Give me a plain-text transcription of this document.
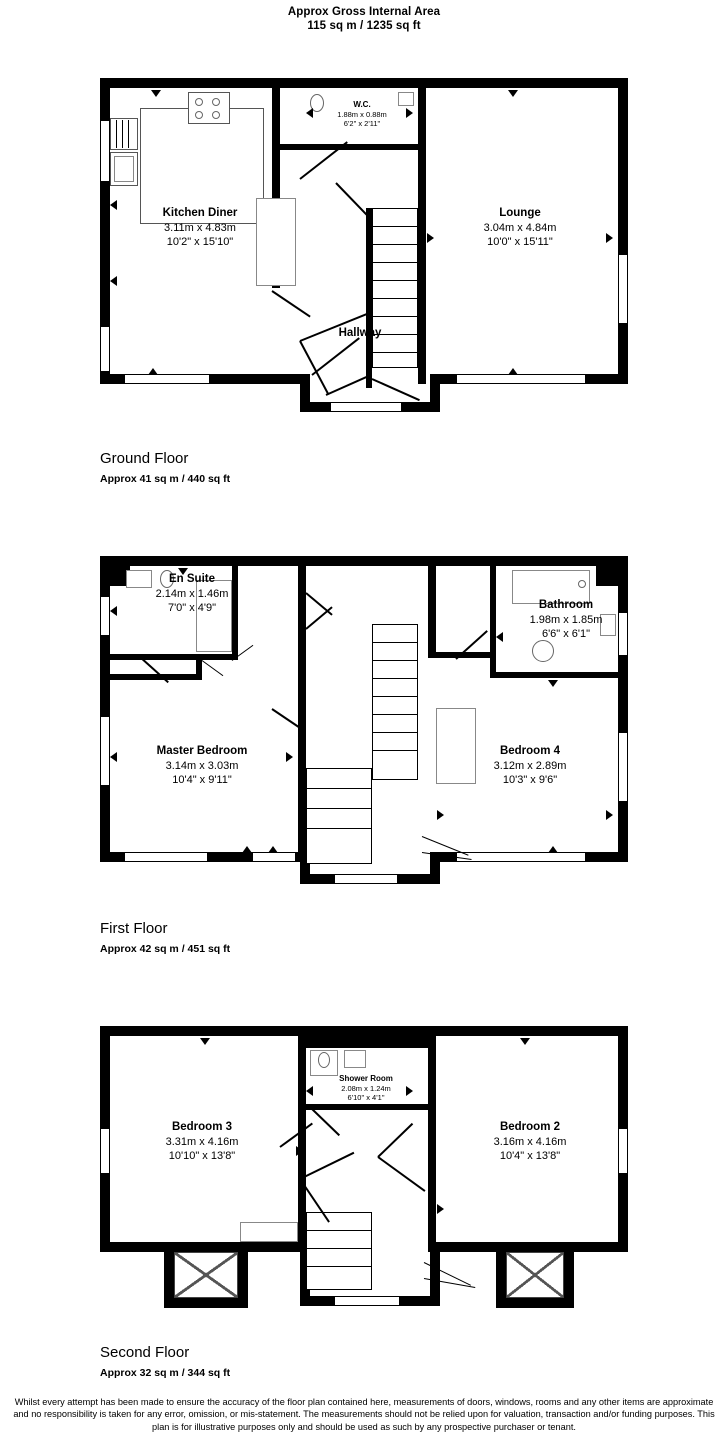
Approx Gross Internal Area
115 sq m / 1235 sq ft
Kitchen Diner
3.11m x 4.83m
10'2" x 15'10"
Lounge
3.04m x 4.84m
10'0" x 15'11"
W.C.
1.88m x 0.88m
6'2" x 2'11"
Hallway
Ground Floor
Approx 41 sq m / 440 sq ft
En Suite
2.14m x 1.46m
7'0" x 4'9"	Bathroom
1.98m x 1.85m
6'6" x 6'1"
Master Bedroom
3.14m x 3.03m
10'4" x 9'11"
Bedroom 4
3.12m x 2.89m
10'3" x 9'6"
First Floor
Approx 42 sq m / 451 sq ft
Shower Room
2.08m x 1.24m
6'10" x 4'1"
Bedroom 3
3.31m x 4.16m
10'10" x 13'8"
Bedroom 2
3.16m x 4.16m
10'4" x 13'8"
Second Floor
Approx 32 sq m / 344 sq ft
Whilst every attempt has been made to ensure the accuracy of the floor plan contained here, measurements of doors, windows, rooms and any other items are approximate and no responsibility is taken for any error, omission, or mis-statement. The measurements should not be relied upon for valuation, transaction and/or funding purposes. This plan is for illustrative purposes only and should be used as such by any prospective purchaser or tenant.
